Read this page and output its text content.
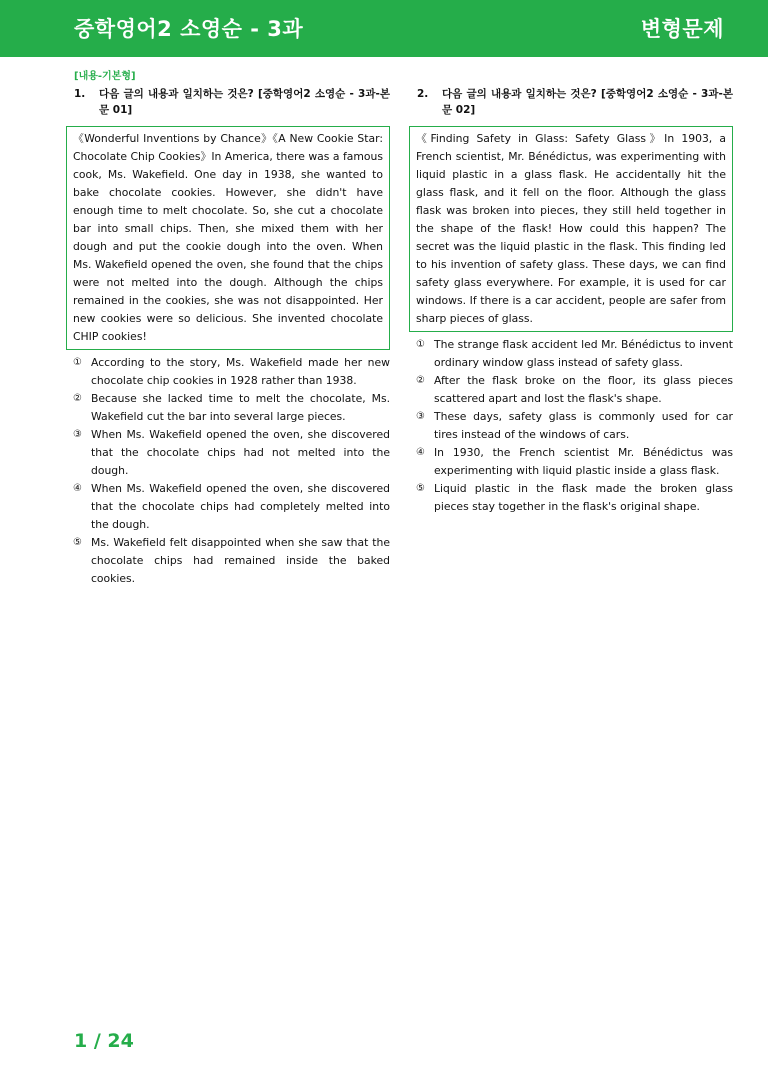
중학영어2 소영순 - 3과	변형문제
[내용-기본형]
1. 다음 글의 내용과 일치하는 것은? [중학영어2 소영순 - 3과-본문 01]
《Wonderful Inventions by Chance》《A New Cookie Star: Chocolate Chip Cookies》In America, there was a famous cook, Ms. Wakefield. One day in 1938, she wanted to bake chocolate cookies. However, she didn't have enough time to melt chocolate. So, she cut a chocolate bar into small chips. Then, she mixed them with her dough and put the cookie dough into the oven. When Ms. Wakefield opened the oven, she found that the chips were not melted into the dough. Although the chips remained in the cookies, she was not disappointed. Her new cookies were so delicious. She invented chocolate CHIP cookies!
① According to the story, Ms. Wakefield made her new chocolate chip cookies in 1928 rather than 1938.
② Because she lacked time to melt the chocolate, Ms. Wakefield cut the bar into several large pieces.
③ When Ms. Wakefield opened the oven, she discovered that the chocolate chips had not melted into the dough.
④ When Ms. Wakefield opened the oven, she discovered that the chocolate chips had completely melted into the dough.
⑤ Ms. Wakefield felt disappointed when she saw that the chocolate chips had remained inside the baked cookies.
2. 다음 글의 내용과 일치하는 것은? [중학영어2 소영순 - 3과-본문 02]
《Finding Safety in Glass: Safety Glass》In 1903, a French scientist, Mr. Bénédictus, was experimenting with liquid plastic in a glass flask. He accidentally hit the glass flask, and it fell on the floor. Although the glass flask was broken into pieces, they still held together in the shape of the flask! How could this happen? The secret was the liquid plastic in the flask. This finding led to his invention of safety glass. These days, we can find safety glass everywhere. For example, it is used for car windows. If there is a car accident, people are safer from sharp pieces of glass.
① The strange flask accident led Mr. Bénédictus to invent ordinary window glass instead of safety glass.
② After the flask broke on the floor, its glass pieces scattered apart and lost the flask's shape.
③ These days, safety glass is commonly used for car tires instead of the windows of cars.
④ In 1930, the French scientist Mr. Bénédictus was experimenting with liquid plastic inside a glass flask.
⑤ Liquid plastic in the flask made the broken glass pieces stay together in the flask's original shape.
1 / 24
